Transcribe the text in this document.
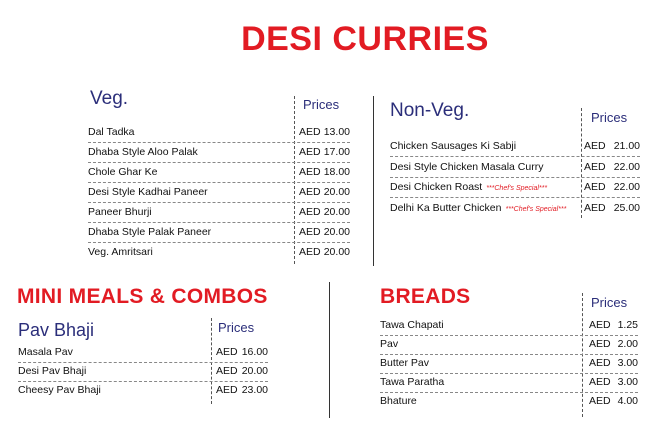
DESI CURRIES
Veg.	Prices
Dal Tadka	AED 13.00
Dhaba Style Aloo Palak	AED 17.00
Chole Ghar Ke	AED 18.00
Desi Style Kadhai Paneer	AED 20.00
Paneer Bhurji	AED 20.00
Dhaba Style Palak Paneer	AED 20.00
Veg. Amritsari	AED 20.00
Non-Veg.	Prices
Chicken Sausages Ki Sabji	AED 21.00
Desi Style Chicken Masala Curry	AED 22.00
Desi Chicken Roast ***Chef's Special***	AED 22.00
Delhi Ka Butter Chicken ***Chef's Special*** AED 25.00
MINI MEALS & COMBOS
Pav Bhaji	Prices
Masala Pav	AED 16.00
Desi Pav Bhaji	AED 20.00
Cheesy Pav Bhaji	AED 23.00
BREADS	Prices
Tawa Chapati	AED 1.25
Pav	AED 2.00
Butter Pav	AED 3.00
Tawa Paratha	AED 3.00
Bhature	AED 4.00
